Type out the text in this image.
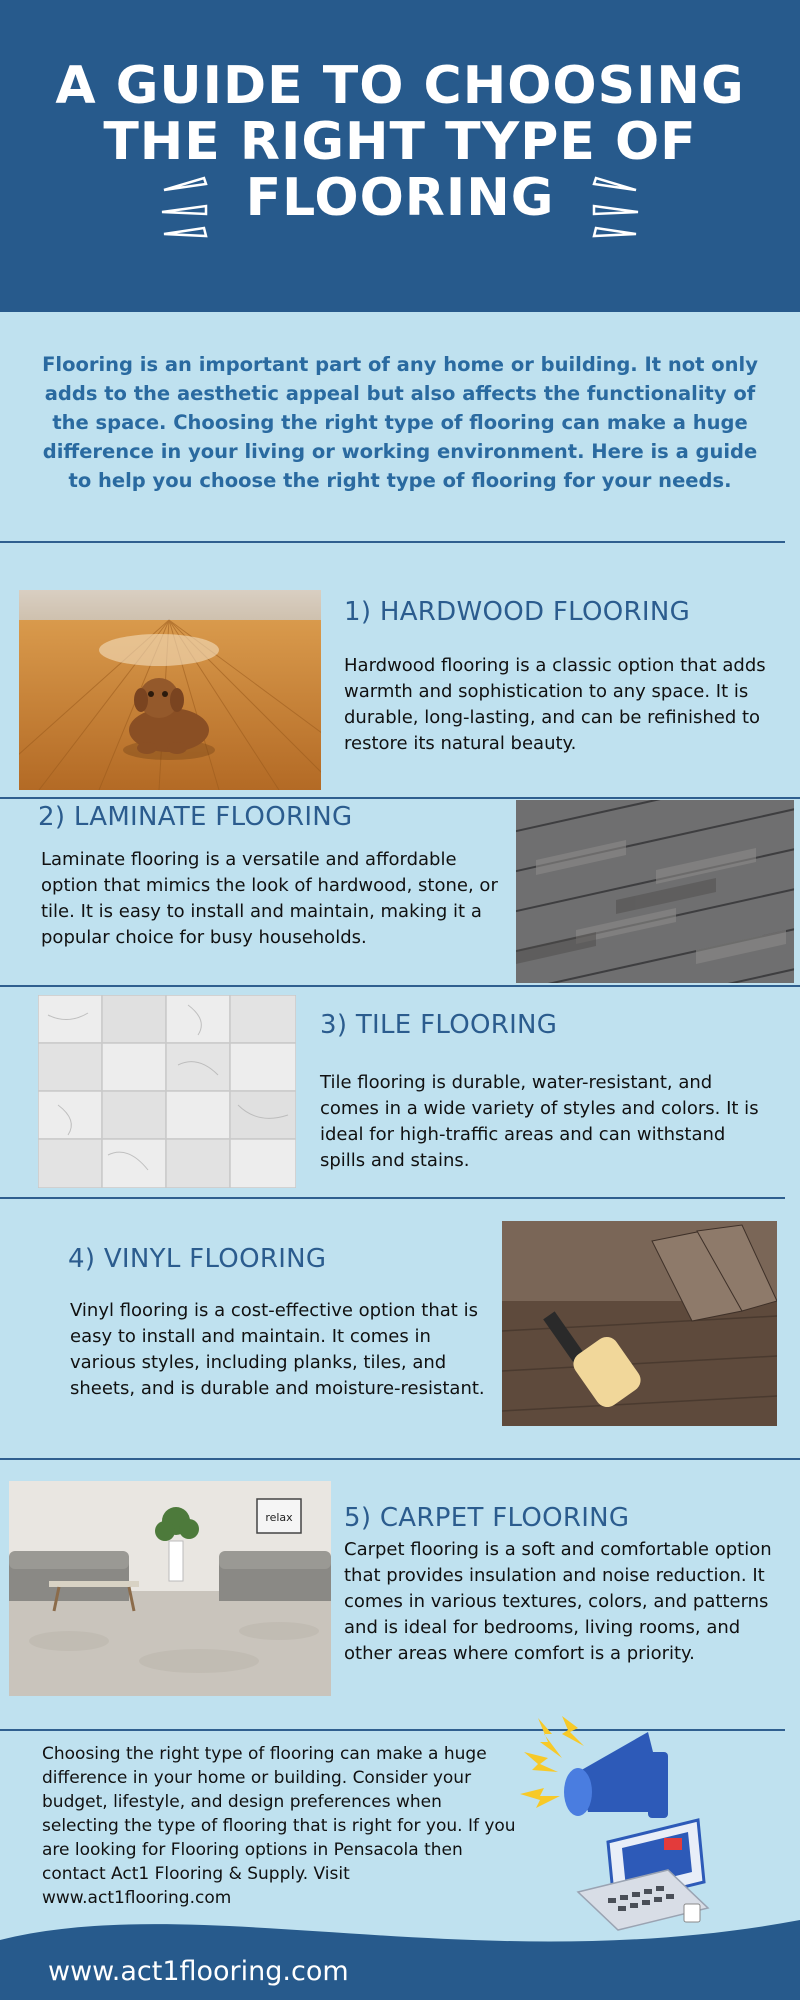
A GUIDE TO CHOOSING
THE RIGHT TYPE OF
FLOORING

Flooring is an important part of any home or building. It not only adds to the aesthetic appeal but also affects the functionality of the space. Choosing the right type of flooring can make a huge difference in your living or working environment. Here is a guide to help you choose the right type of flooring for your needs.

1) HARDWOOD FLOORING

Hardwood flooring is a classic option that adds warmth and sophistication to any space. It is durable, long-lasting, and can be refinished to restore its natural beauty.

2) LAMINATE FLOORING

Laminate flooring is a versatile and affordable option that mimics the look of hardwood, stone, or tile. It is easy to install and maintain, making it a popular choice for busy households.

3) TILE FLOORING

Tile flooring is durable, water-resistant, and comes in a wide variety of styles and colors. It is ideal for high-traffic areas and can withstand spills and stains.

4) VINYL FLOORING

Vinyl flooring is a cost-effective option that is easy to install and maintain. It comes in various styles, including planks, tiles, and sheets, and is durable and moisture-resistant.

relax 5) CARPET FLOORING

Carpet flooring is a soft and comfortable option that provides insulation and noise reduction. It comes in various textures, colors, and patterns and is ideal for bedrooms, living rooms, and other areas where comfort is a priority.

Choosing the right type of flooring can make a huge difference in your home or building. Consider your budget, lifestyle, and design preferences when selecting the type of flooring that is right for you. If you are looking for Flooring options in Pensacola then contact Act1 Flooring & Supply. Visit www.act1flooring.com

www.act1flooring.com
